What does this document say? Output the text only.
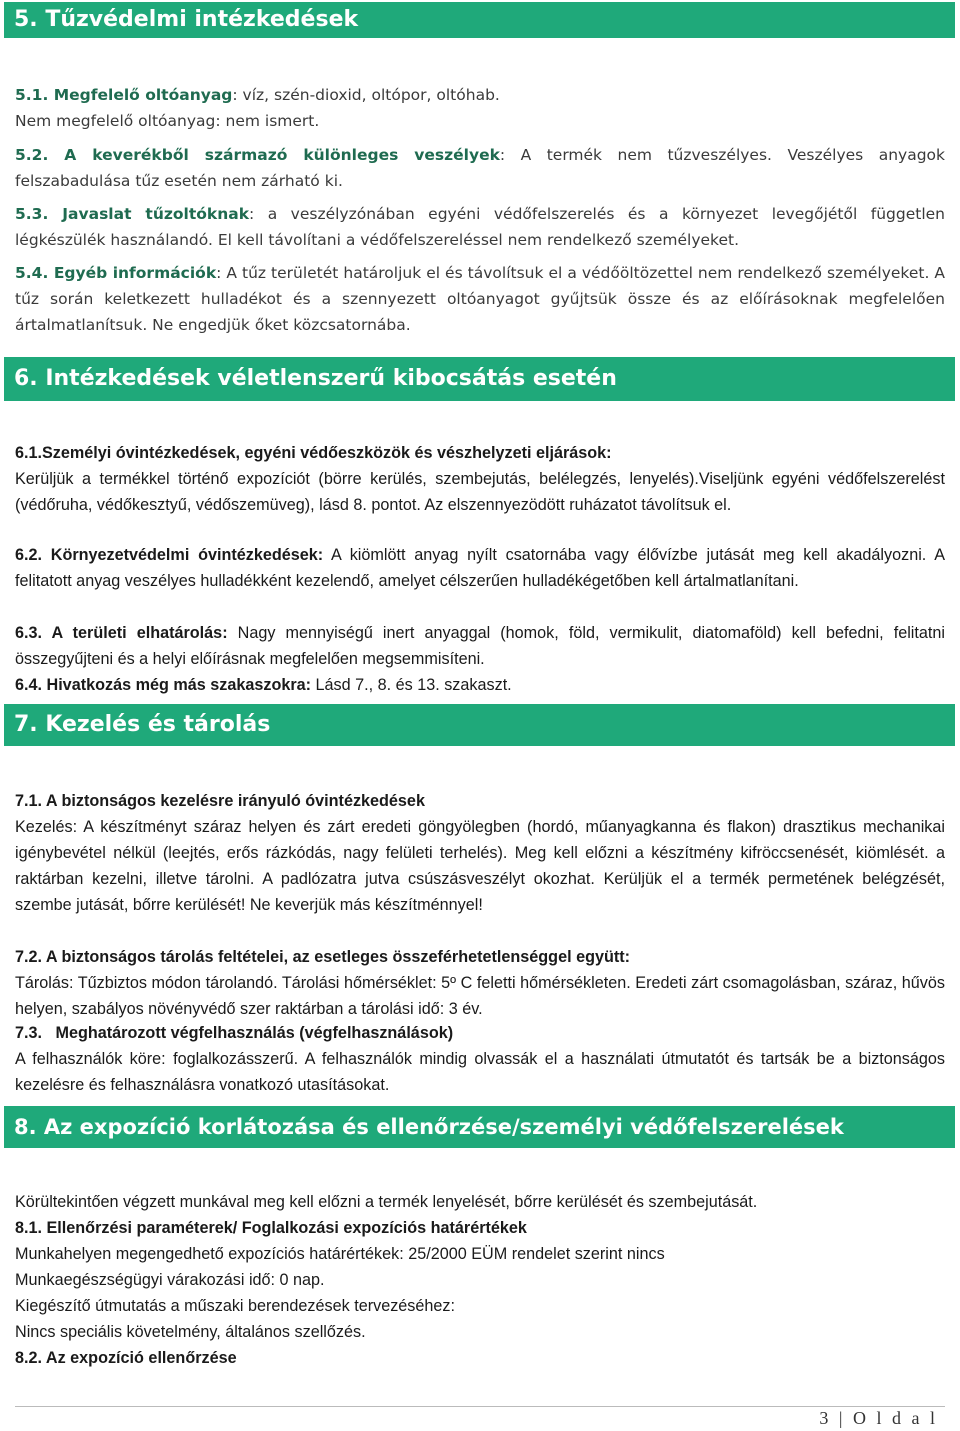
5. Tűzvédelmi intézkedések

5.1. Megfelelő oltóanyag: víz, szén-dioxid, oltópor, oltóhab.

Nem megfelelő oltóanyag: nem ismert.

5.2. A keverékből származó különleges veszélyek: A termék nem tűzveszélyes. Veszélyes anyagok felszabadulása tűz esetén nem zárható ki.

5.3. Javaslat tűzoltóknak: a veszélyzónában egyéni védőfelszerelés és a környezet levegőjétől független légkészülék használandó. El kell távolítani a védőfelszereléssel nem rendelkező személyeket.

5.4. Egyéb információk: A tűz területét határoljuk el és távolítsuk el a védőöltözettel nem rendelkező személyeket. A tűz során keletkezett hulladékot és a szennyezett oltóanyagot gyűjtsük össze és az előírásoknak megfelelően ártalmatlanítsuk. Ne engedjük őket közcsatornába.

6. Intézkedések véletlenszerű kibocsátás esetén

6.1.Személyi óvintézkedések, egyéni védőeszközök és vészhelyzeti eljárások:

Kerüljük a termékkel történő expozíciót (börre kerülés, szembejutás, belélegzés, lenyelés).Viseljünk egyéni védőfelszerelést (védőruha, védőkesztyű, védőszemüveg), lásd 8. pontot. Az elszennyezödött ruházatot távolítsuk el.

6.2. Környezetvédelmi óvintézkedések: A kiömlött anyag nyílt csatornába vagy élővízbe jutását meg kell akadályozni. A felitatott anyag veszélyes hulladékként kezelendő, amelyet célszerűen hulladékégetőben kell ártalmatlanítani.

6.3. A területi elhatárolás: Nagy mennyiségű inert anyaggal (homok, föld, vermikulit, diatomaföld) kell befedni, felitatni összegyűjteni és a helyi előírásnak megfelelően megsemmisíteni.

6.4. Hivatkozás még más szakaszokra: Lásd 7., 8. és 13. szakaszt.

7. Kezelés és tárolás

7.1. A biztonságos kezelésre irányuló óvintézkedések

Kezelés: A készítményt száraz helyen és zárt eredeti göngyölegben (hordó, műanyagkanna és flakon) drasztikus mechanikai igénybevétel nélkül (leejtés, erős rázkódás, nagy felületi terhelés). Meg kell előzni a készítmény kifröccsenését, kiömlését. a raktárban kezelni, illetve tárolni. A padlózatra jutva csúszásveszélyt okozhat. Kerüljük el a termék permetének belégzését, szembe jutását, bőrre kerülését! Ne keverjük más készítménnyel!

7.2. A biztonságos tárolás feltételei, az esetleges összeférhetetlenséggel együtt:

Tárolás: Tűzbiztos módon tárolandó. Tárolási hőmérséklet: 5º C feletti hőmérsékleten. Eredeti zárt csomagolásban, száraz, hűvös helyen, szabályos növényvédő szer raktárban a tárolási idő: 3 év.

7.3.   Meghatározott végfelhasználás (végfelhasználások)

A felhasználók köre: foglalkozásszerű. A felhasználók mindig olvassák el a használati útmutatót és tartsák be a biztonságos kezelésre és felhasználásra vonatkozó utasításokat.

8. Az expozíció korlátozása és ellenőrzése/személyi védőfelszerelések

Körültekintően végzett munkával meg kell előzni a termék lenyelését, bőrre kerülését és szembejutását.

8.1. Ellenőrzési paraméterek/ Foglalkozási expozíciós határértékek

Munkahelyen megengedhető expozíciós határértékek: 25/2000 EÜM rendelet szerint nincs

Munkaegészségügyi várakozási idő: 0 nap.

Kiegészítő útmutatás a műszaki berendezések tervezéséhez:

Nincs speciális követelmény, általános szellőzés.

8.2. Az expozíció ellenőrzése

3 | O l d a l
